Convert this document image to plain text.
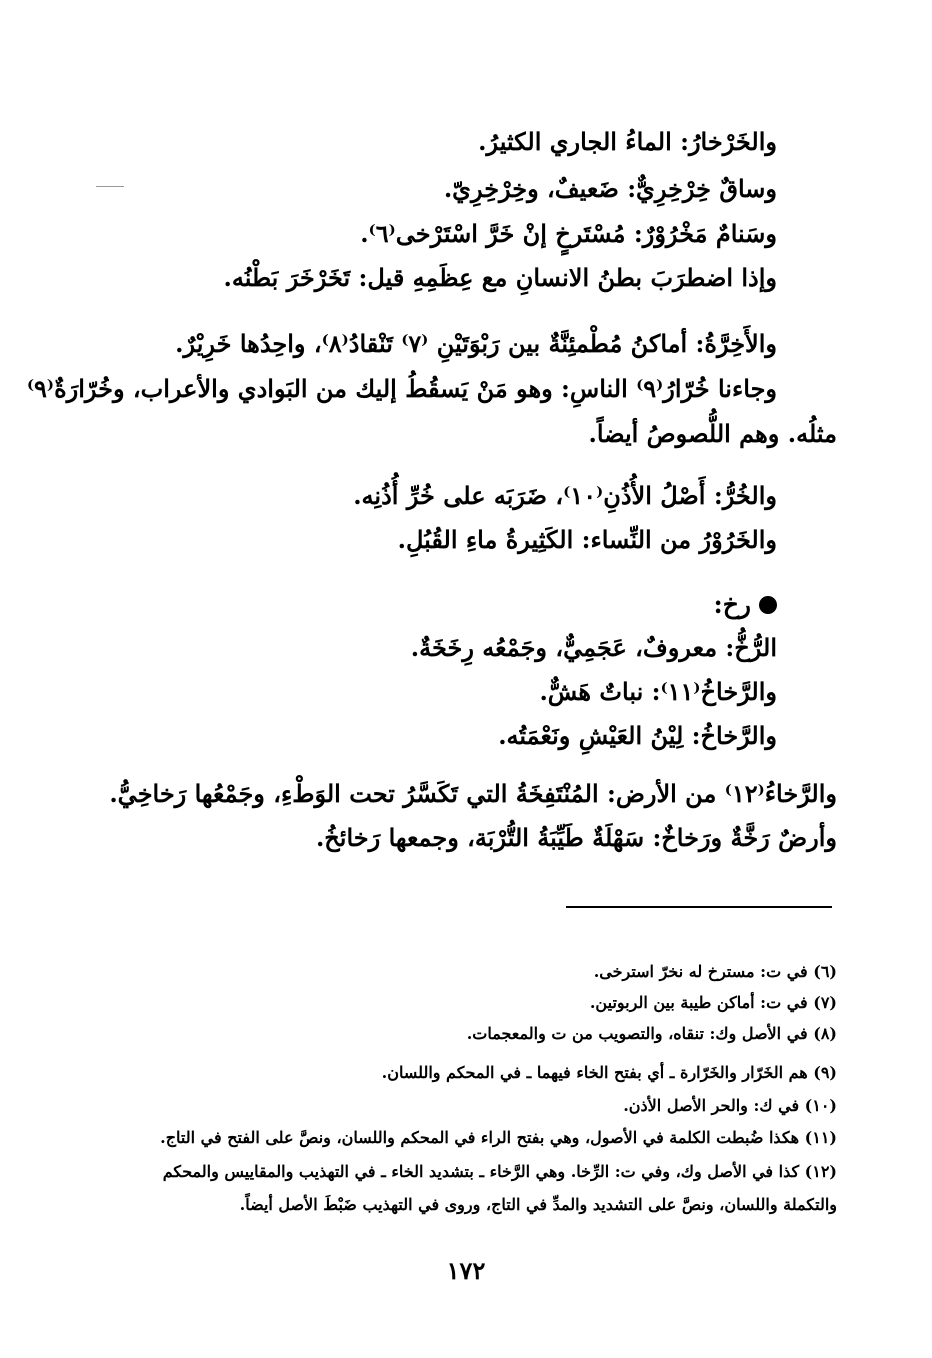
والخَرْخارُ: الماءُ الجاري الكثيرُ.
وساقٌ خِرْخِرِيٌّ: ضَعيفٌ، وخِرْخِرِيّ.
وسَنامٌ مَخْرُوْرٌ: مُسْتَرخٍ إنْ خَرَّ اسْتَرْخى⁽٦⁾.
وإذا اضطرَبَ بطنُ الانسانِ مع عِظَمِهِ قيل: تَخَرْخَرَ بَطْنُه.
والأَخِرَّةُ: أماكنُ مُطْمئِنَّةٌ بين رَبْوَتَيْنِ ⁽٧⁾ تَنْقادُ⁽٨⁾، واحِدُها خَرِيْرٌ.
وجاءنا خُرّارُ⁽٩⁾ الناسِ: وهو مَنْ يَسقُطُ إليك من البَوادي والأعراب، وخُرّارَةٌ⁽٩⁾
مثلُه. وهم اللُّصوصُ أيضاً.
والخُرُّ: أَصْلُ الأُذُنِ⁽١٠⁾، ضَرَبَه على خُرِّ أُذُنِه.
والخَرُوْرُ من النِّساء: الكَثِيرةُ ماءِ القُبُلِ.
رخ:
الرُّخُّ: معروفٌ، عَجَمِيٌّ، وجَمْعُه رِخَخَةٌ.
والرَّخاخُ⁽١١⁾: نباتٌ هَشٌّ.
والرَّخاخُ: لِيْنُ العَيْشِ ونَعْمَتُه.
والرَّخاءُ⁽١٢⁾ من الأرض: المُنْتَفِخَةُ التي تَكَسَّرُ تحت الوَطْءِ، وجَمْعُها رَخاخِيُّ.
وأرضٌ رَخَّةٌ ورَخاخٌ: سَهْلَةٌ طَيِّبَةُ التُّرْبَة، وجمعها رَخائخُ.
(٦) في ت: مسترخ له نخرّ استرخى.
(٧) في ت: أماكن طيبة بين الربوتين.
(٨) في الأصل وك: تنقاه، والتصويب من ت والمعجمات.
(٩) هم الخَرّار والخَرّارة ـ أي بفتح الخاء فيهما ـ في المحكم واللسان.
(١٠) في ك: والحر الأصل الأذن.
(١١) هكذا ضُبطت الكلمة في الأصول، وهي بفتح الراء في المحكم واللسان، ونصَّ على الفتح في التاج.
(١٢) كذا في الأصل وك، وفي ت: الرِّخا. وهي الرَّخاء ـ بتشديد الخاء ـ في التهذيب والمقاييس والمحكم
والتكملة واللسان، ونصَّ على التشديد والمدِّ في التاج، وروى في التهذيب ضَبْطَ الأصل أيضاً.
١٧٢
